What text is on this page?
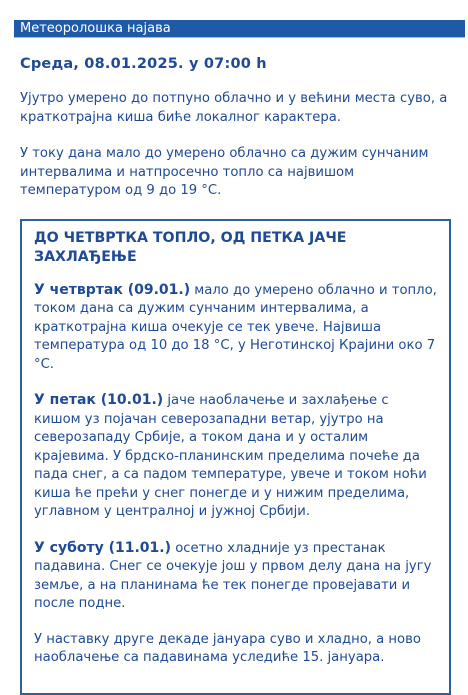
Метеоролошка најава
Среда, 08.01.2025. у 07:00 h
Ујутро умерено до потпуно облачно и у већини места суво, а краткотрајна киша биће локалног карактера.
У току дана мало до умерено облачно са дужим сунчаним интервалима и натпросечно топло са највишом температуром од 9 до 19 °C.
ДО ЧЕТВРТКА ТОПЛО, ОД ПЕТКА ЈАЧЕ ЗАХЛАЂЕЊЕ
У четвртак (09.01.) мало до умерено облачно и топло, током дана са дужим сунчаним интервалима, а краткотрајна киша очекује се тек увече. Највиша температура од 10 до 18 °C, у Неготинској Крајини око 7 °C.
У петак (10.01.) јаче наоблачење и захлађење с кишом уз појачан северозападни ветар, ујутро на северозападу Србије, а током дана и у осталим крајевима. У брдско-планинским пределима почеће да пада снег, а са падом температуре, увече и током ноћи киша ће прећи у снег понегде и у нижим пределима, углавном у централној и јужној Србији.
У суботу (11.01.) осетно хладније уз престанак падавина. Снег се очекује још у првом делу дана на југу земље, а на планинама ће тек понегде провејавати и после подне.
У наставку друге декаде јануара суво и хладно, а ново наоблачење са падавинама уследиће 15. јануара.
